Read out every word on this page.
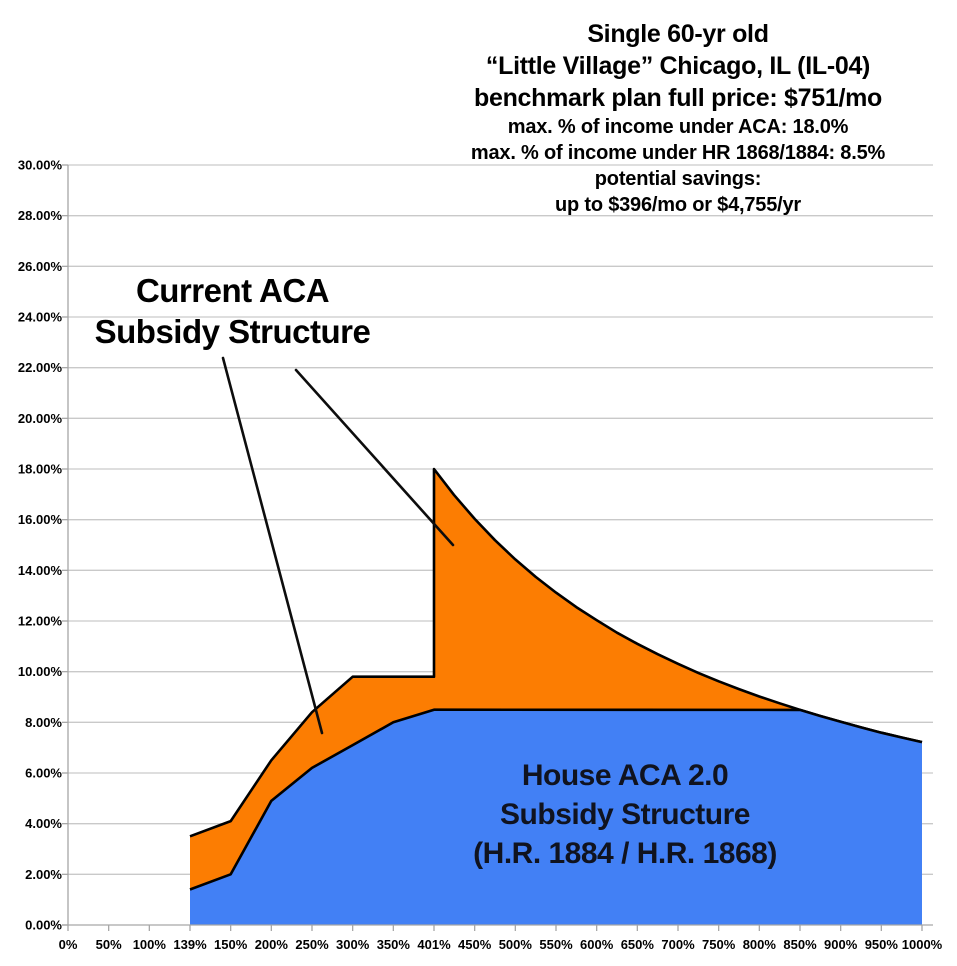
0.00%
2.00%
4.00%
6.00%
8.00%
10.00%
12.00%
14.00%
16.00%
18.00%
20.00%
22.00%
24.00%
26.00%
28.00%
30.00%
0% 50% 100% 139% 150% 200% 250% 300% 350% 401% 450% 500% 550% 600% 650% 700% 750% 800% 850% 900% 950% 1000%
Single 60-yr old
“Little Village” Chicago, IL (IL-04)
benchmark plan full price: $751/mo
max. % of income under ACA: 18.0%
max. % of income under HR 1868/1884: 8.5%
potential savings:
up to $396/mo or $4,755/yr
Current ACA
Subsidy Structure
House ACA 2.0
Subsidy Structure
(H.R. 1884 / H.R. 1868)
